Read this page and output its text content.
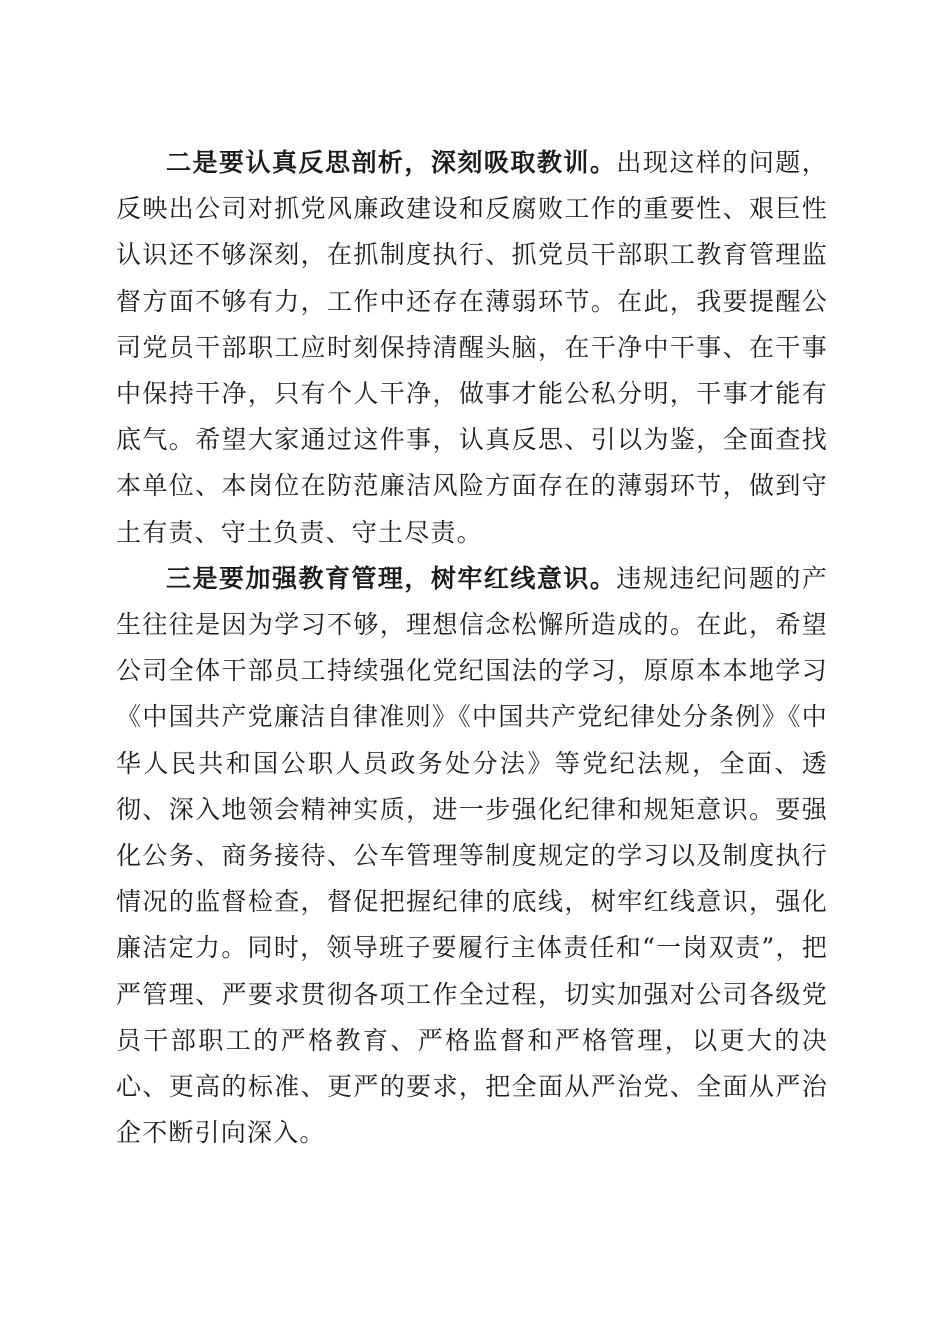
二是要认真反思剖析，深刻吸取教训。出现这样的问题，反映出公司对抓党风廉政建设和反腐败工作的重要性、艰巨性认识还不够深刻，在抓制度执行、抓党员干部职工教育管理监督方面不够有力，工作中还存在薄弱环节。在此，我要提醒公司党员干部职工应时刻保持清醒头脑，在干净中干事、在干事中保持干净，只有个人干净，做事才能公私分明，干事才能有底气。希望大家通过这件事，认真反思、引以为鉴，全面查找本单位、本岗位在防范廉洁风险方面存在的薄弱环节，做到守土有责、守土负责、守土尽责。

三是要加强教育管理，树牢红线意识。违规违纪问题的产生往往是因为学习不够，理想信念松懈所造成的。在此，希望公司全体干部员工持续强化党纪国法的学习，原原本本地学习《中国共产党廉洁自律准则》《中国共产党纪律处分条例》《中华人民共和国公职人员政务处分法》等党纪法规，全面、透彻、深入地领会精神实质，进一步强化纪律和规矩意识。要强化公务、商务接待、公车管理等制度规定的学习以及制度执行情况的监督检查，督促把握纪律的底线，树牢红线意识，强化廉洁定力。同时，领导班子要履行主体责任和“一岗双责”，把严管理、严要求贯彻各项工作全过程，切实加强对公司各级党员干部职工的严格教育、严格监督和严格管理，以更大的决心、更高的标准、更严的要求，把全面从严治党、全面从严治企不断引向深入。
